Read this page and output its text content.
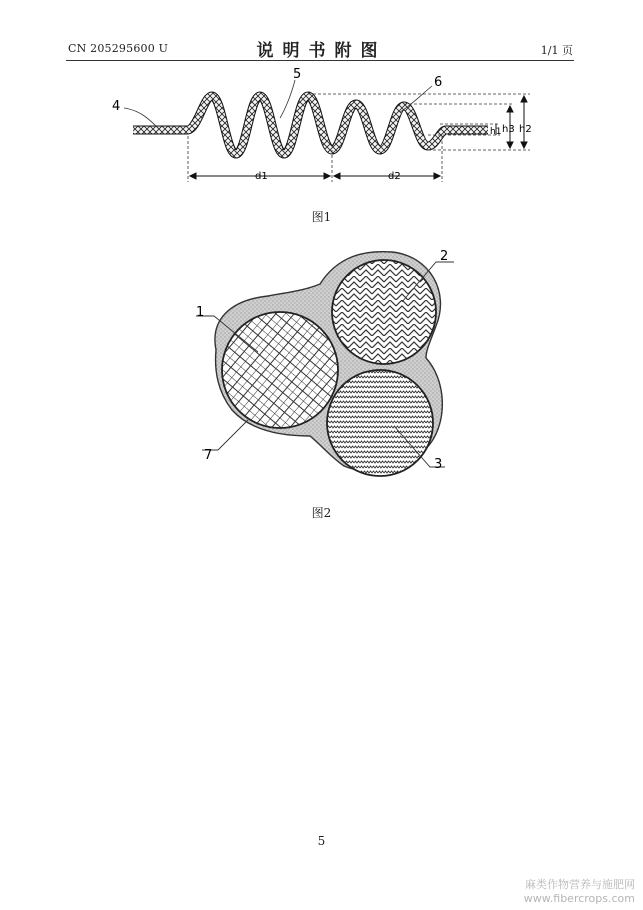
CN 205295600 U	说明书附图	1/1 页
4
5
6
d1	d2
h1 h3 h2
图1
1
2
3
7
图2
5
麻类作物营养与施肥网
www.fibercrops.com
